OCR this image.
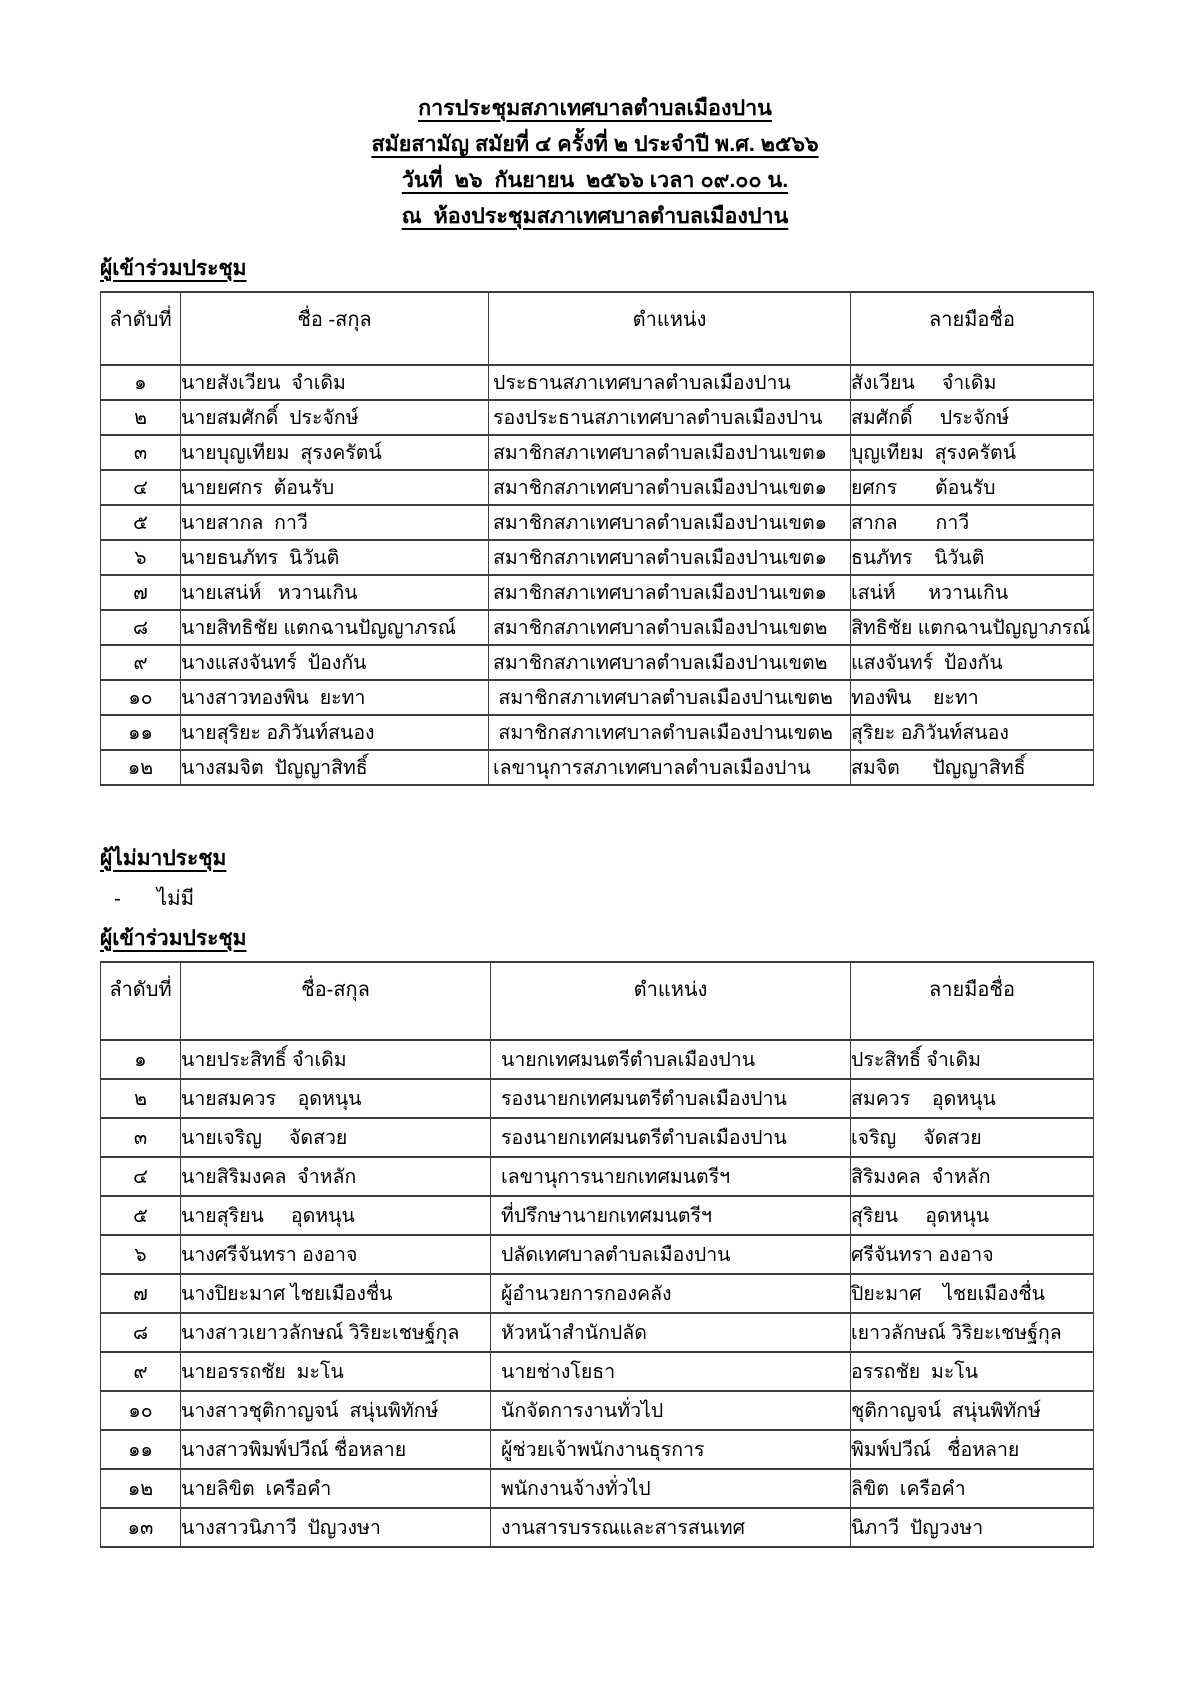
การประชุมสภาเทศบาลตำบลเมืองปาน
สมัยสามัญ สมัยที่ ๔ ครั้งที่ ๒ ประจำปี พ.ศ. ๒๕๖๖
วันที่  ๒๖  กันยายน  ๒๕๖๖ เวลา ๐๙.๐๐ น.
ณ  ห้องประชุมสภาเทศบาลตำบลเมืองปาน
ผู้เข้าร่วมประชุม
ลำดับที่	ชื่อ -สกุล	ตำแหน่ง	ลายมือชื่อ
๑	นายสังเวียน  จำเดิม	ประธานสภาเทศบาลตำบลเมืองปาน	สังเวียน     จำเดิม
๒	นายสมศักดิ์  ประจักษ์	รองประธานสภาเทศบาลตำบลเมืองปาน	สมศักดิ์     ประจักษ์
๓	นายบุญเทียม  สุรงครัตน์	สมาชิกสภาเทศบาลตำบลเมืองปานเขต๑	บุญเทียม  สุรงครัตน์
๔	นายยศกร  ต้อนรับ	สมาชิกสภาเทศบาลตำบลเมืองปานเขต๑	ยศกร       ต้อนรับ
๕	นายสากล  กาวี	สมาชิกสภาเทศบาลตำบลเมืองปานเขต๑	สากล       กาวี
๖	นายธนภัทร  นิวันติ	สมาชิกสภาเทศบาลตำบลเมืองปานเขต๑	ธนภัทร    นิวันติ
๗	นายเสน่ห์   หวานเกิน	สมาชิกสภาเทศบาลตำบลเมืองปานเขต๑	เสน่ห์      หวานเกิน
๘	นายสิทธิชัย แตกฉานปัญญาภรณ์	สมาชิกสภาเทศบาลตำบลเมืองปานเขต๒	สิทธิชัย แตกฉานปัญญาภรณ์
๙	นางแสงจันทร์  ป้องกัน	สมาชิกสภาเทศบาลตำบลเมืองปานเขต๒	แสงจันทร์  ป้องกัน
๑๐	นางสาวทองพิน  ยะทา	สมาชิกสภาเทศบาลตำบลเมืองปานเขต๒	ทองพิน    ยะทา
๑๑	นายสุริยะ อภิวันท์สนอง	สมาชิกสภาเทศบาลตำบลเมืองปานเขต๒	สุริยะ อภิวันท์สนอง
๑๒	นางสมจิต  ปัญญาสิทธิ์	เลขานุการสภาเทศบาลตำบลเมืองปาน	สมจิต      ปัญญาสิทธิ์
ผู้ไม่มาประชุม
- ไม่มี
ผู้เข้าร่วมประชุม
ลำดับที่	ชื่อ-สกุล	ตำแหน่ง	ลายมือชื่อ
๑	นายประสิทธิ์ จำเดิม	นายกเทศมนตรีตำบลเมืองปาน	ประสิทธิ์ จำเดิม
๒	นายสมควร    อุดหนุน	รองนายกเทศมนตรีตำบลเมืองปาน	สมควร    อุดหนุน
๓	นายเจริญ     จัดสวย	รองนายกเทศมนตรีตำบลเมืองปาน	เจริญ     จัดสวย
๔	นายสิริมงคล  จำหลัก	เลขานุการนายกเทศมนตรีฯ	สิริมงคล  จำหลัก
๕	นายสุริยน     อุดหนุน	ที่ปรึกษานายกเทศมนตรีฯ	สุริยน     อุดหนุน
๖	นางศรีจันทรา องอาจ	ปลัดเทศบาลตำบลเมืองปาน	ศรีจันทรา องอาจ
๗	นางปิยะมาศ ไชยเมืองชื่น	ผู้อำนวยการกองคลัง	ปิยะมาศ    ไชยเมืองชื่น
๘	นางสาวเยาวลักษณ์ วิริยะเชษฐ์กุล	หัวหน้าสำนักปลัด	เยาวลักษณ์ วิริยะเชษฐ์กุล
๙	นายอรรถชัย  มะโน	นายช่างโยธา	อรรถชัย  มะโน
๑๐	นางสาวชุติกาญจน์  สนุ่นพิทักษ์	นักจัดการงานทั่วไป	ชุติกาญจน์  สนุ่นพิทักษ์
๑๑	นางสาวพิมพ์ปวีณ์ ชื่อหลาย	ผู้ช่วยเจ้าพนักงานธุรการ	พิมพ์ปวีณ์   ชื่อหลาย
๑๒	นายลิขิต  เครือคำ	พนักงานจ้างทั่วไป	ลิขิต  เครือคำ
๑๓	นางสาวนิภาวี  ปัญวงษา	งานสารบรรณและสารสนเทศ	นิภาวี  ปัญวงษา
